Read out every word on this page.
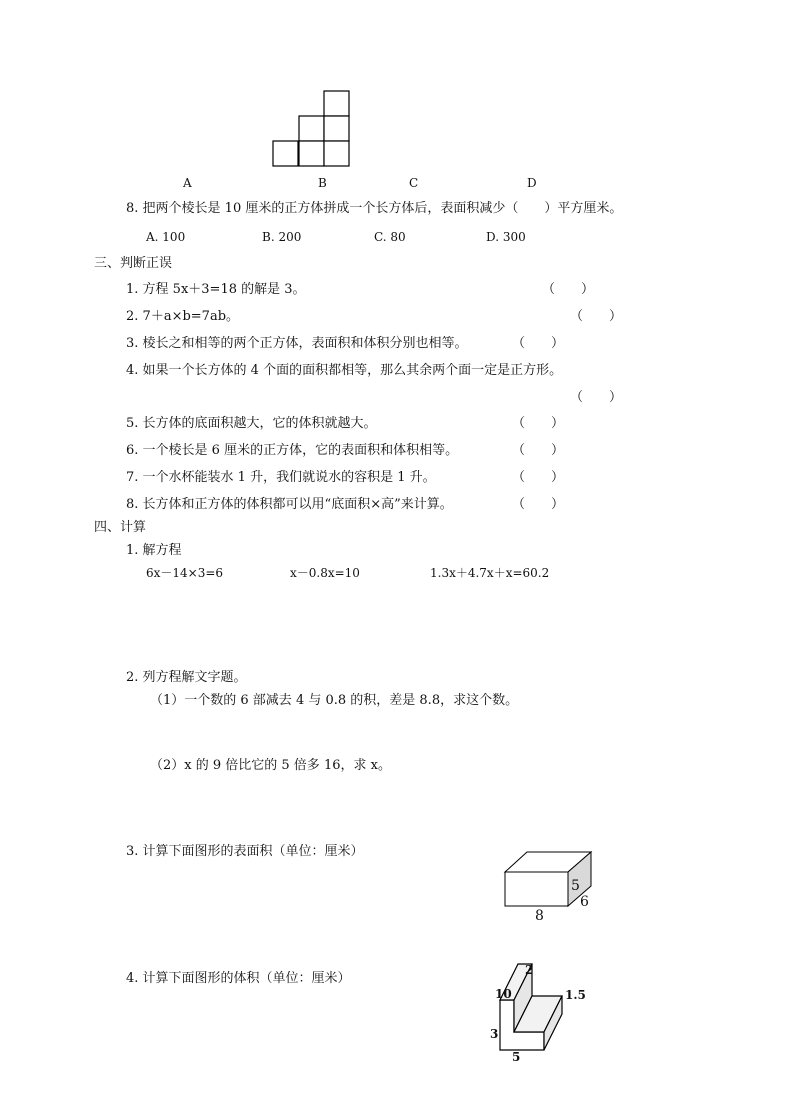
A	B	C	D
8. 把两个棱长是 10 厘米的正方体拼成一个长方体后，表面积减少（　　）平方厘米。
A. 100	B. 200	C. 80	D. 300
三、判断正误
1. 方程 5x＋3=18 的解是 3。	（　　）
2. 7＋a×b=7ab。	（　　）
3. 棱长之和相等的两个正方体，表面积和体积分别也相等。	（　　）
4. 如果一个长方体的 4 个面的面积都相等，那么其余两个面一定是正方形。
（　　）
5. 长方体的底面积越大，它的体积就越大。	（　　）
6. 一个棱长是 6 厘米的正方体，它的表面积和体积相等。	（　　）
7. 一个水杯能装水 1 升，我们就说水的容积是 1 升。	（　　）
8. 长方体和正方体的体积都可以用“底面积×高”来计算。	（　　）
四、计算
1. 解方程
6x－14×3=6	x－0.8x=10	1.3x＋4.7x＋x=60.2
2. 列方程解文字题。
（1）一个数的 6 部减去 4 与 0.8 的积，差是 8.8，求这个数。
（2）x 的 9 倍比它的 5 倍多 16，求 x。
3. 计算下面图形的表面积（单位：厘米）
5
6
8
4. 计算下面图形的体积（单位：厘米）
2
10	1.5
3
5
